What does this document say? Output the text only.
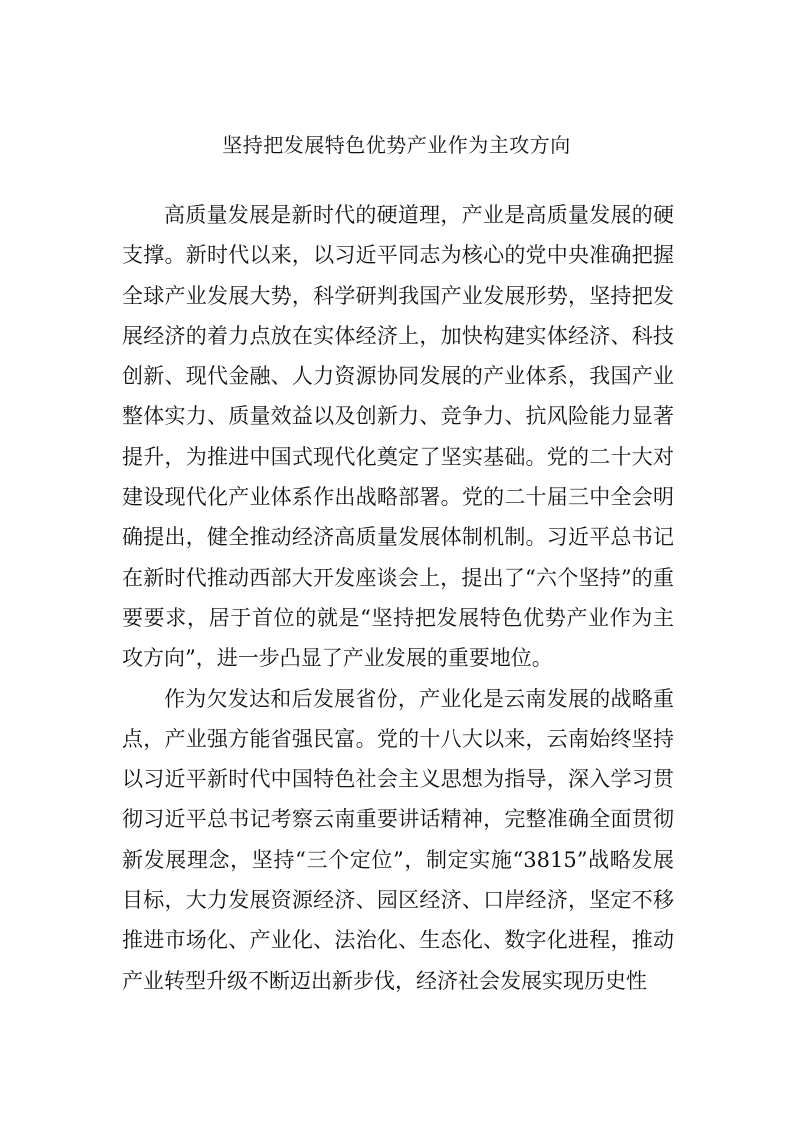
坚持把发展特色优势产业作为主攻方向

高质量发展是新时代的硬道理，产业是高质量发展的硬支撑。新时代以来，以习近平同志为核心的党中央准确把握全球产业发展大势，科学研判我国产业发展形势，坚持把发展经济的着力点放在实体经济上，加快构建实体经济、科技创新、现代金融、人力资源协同发展的产业体系，我国产业整体实力、质量效益以及创新力、竞争力、抗风险能力显著提升，为推进中国式现代化奠定了坚实基础。党的二十大对建设现代化产业体系作出战略部署。党的二十届三中全会明确提出，健全推动经济高质量发展体制机制。习近平总书记在新时代推动西部大开发座谈会上，提出了“六个坚持”的重要要求，居于首位的就是“坚持把发展特色优势产业作为主攻方向”，进一步凸显了产业发展的重要地位。

作为欠发达和后发展省份，产业化是云南发展的战略重点，产业强方能省强民富。党的十八大以来，云南始终坚持以习近平新时代中国特色社会主义思想为指导，深入学习贯彻习近平总书记考察云南重要讲话精神，完整准确全面贯彻新发展理念，坚持“三个定位”，制定实施“3815”战略发展目标，大力发展资源经济、园区经济、口岸经济，坚定不移推进市场化、产业化、法治化、生态化、数字化进程，推动产业转型升级不断迈出新步伐，经济社会发展实现历史性
